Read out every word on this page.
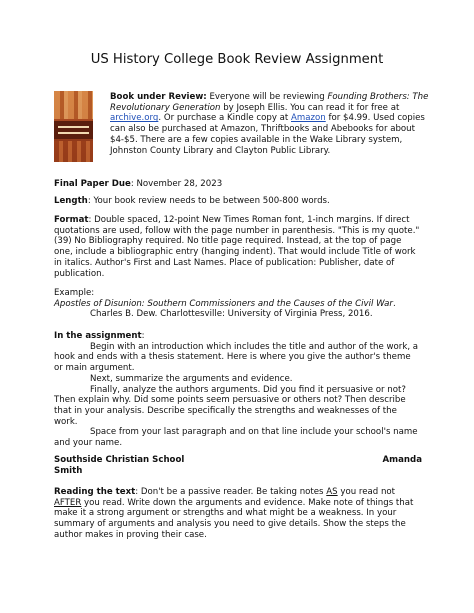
US History College Book Review Assignment

Book under Review: Everyone will be reviewing Founding Brothers: The Revolutionary Generation by Joseph Ellis. You can read it for free at archive.org. Or purchase a Kindle copy at Amazon for $4.99. Used copies can also be purchased at Amazon, Thriftbooks and Abebooks for about $4-$5. There are a few copies available in the Wake Library system, Johnston County Library and Clayton Public Library.

Final Paper Due: November 28, 2023

Length: Your book review needs to be between 500-800 words.

Format: Double spaced, 12-point New Times Roman font, 1-inch margins. If direct quotations are used, follow with the page number in parenthesis. "This is my quote." (39) No Bibliography required. No title page required. Instead, at the top of page one, include a bibliographic entry (hanging indent). That would include Title of work in italics. Author's First and Last Names. Place of publication: Publisher, date of publication.

Example:

Apostles of Disunion: Southern Commissioners and the Causes of the Civil War.

Charles B. Dew. Charlottesville: University of Virginia Press, 2016.

In the assignment:

Begin with an introduction which includes the title and author of the work, a hook and ends with a thesis statement. Here is where you give the author's theme or main argument.

Next, summarize the arguments and evidence.

Finally, analyze the authors arguments. Did you find it persuasive or not? Then explain why. Did some points seem persuasive or others not? Then describe that in your analysis. Describe specifically the strengths and weaknesses of the work.

Space from your last paragraph and on that line include your school's name and your name.

Southside Christian School	Amanda

Smith

Reading the text: Don't be a passive reader. Be taking notes AS you read not AFTER you read. Write down the arguments and evidence. Make note of things that make it a strong argument or strengths and what might be a weakness. In your summary of arguments and analysis you need to give details. Show the steps the author makes in proving their case.
